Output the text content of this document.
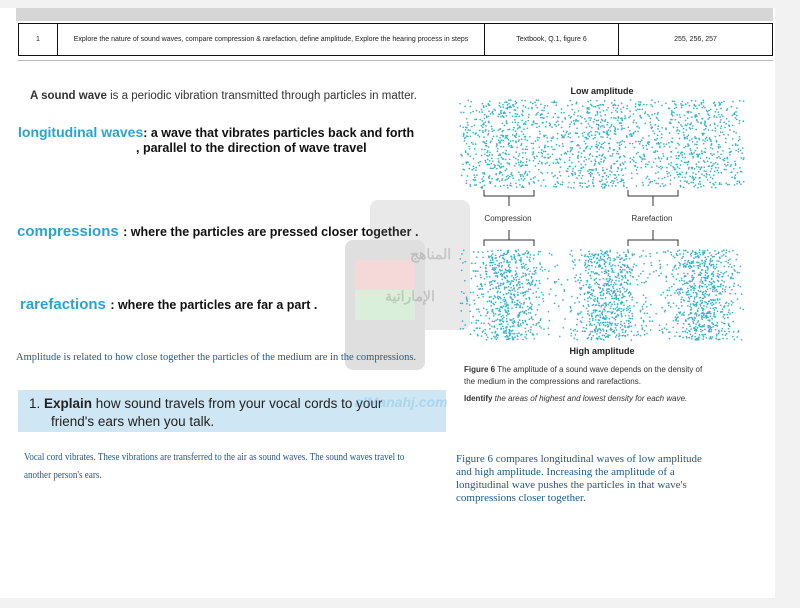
1	Explore the nature of sound waves, compare compression & rarefaction, define amplitude, Explore the hearing process in steps	Textbook, Q.1, figure 6	255, 256, 257
A sound wave is a periodic vibration transmitted through particles in matter.
longitudinal waves: a wave that vibrates particles back and forth
, parallel to the direction of wave travel
compressions : where the particles are pressed closer together .
rarefactions : where the particles are far a part .
Amplitude is related to how close together the particles of the medium are in the compressions.
1. Explain how sound travels from your vocal cords to your
friend's ears when you talk.
Vocal cord vibrates. These vibrations are transferred to the air as sound waves. The sound waves travel to
another person's ears.
المناهج
الإماراتية
alManahj.com
Low amplitude
Compression	Rarefaction
High amplitude
Figure 6 The amplitude of a sound wave depends on the density of
the medium in the compressions and rarefactions.
Identify the areas of highest and lowest density for each wave.
Figure 6 compares longitudinal waves of low amplitude
and high amplitude. Increasing the amplitude of a
longitudinal wave pushes the particles in that wave's
compressions closer together.
